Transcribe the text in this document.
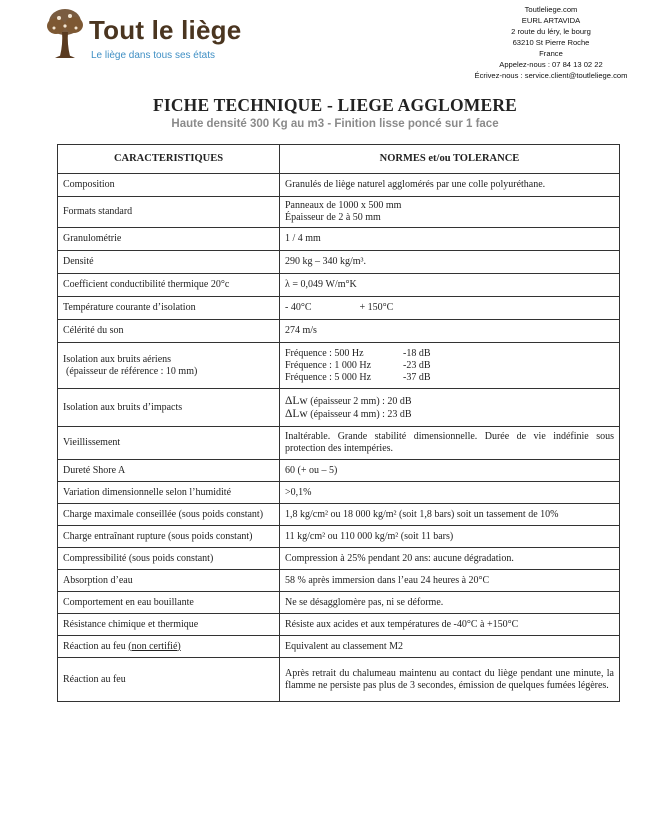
Tout le liège
Le liège dans tous ses états
Toutleliege.com
EURL ARTAVIDA
2 route du léry, le bourg
63210 St Pierre Roche
France
Appelez-nous : 07 84 13 02 22
Écrivez-nous : service.client@toutleliege.com
FICHE TECHNIQUE - LIEGE AGGLOMERE
Haute densité 300 Kg au m3 - Finition lisse poncé sur 1 face
CARACTERISTIQUES	NORMES et/ou TOLERANCE
Composition	Granulés de liège naturel agglomérés par une colle polyuréthane.
Formats standard	Panneaux de 1000 x 500 mm
Épaisseur de 2 à 50 mm

Granulométrie	1 / 4 mm
Densité	290 kg – 340 kg/m³.
Coefficient conductibilité thermique 20°c	λ = 0,049 W/m°K
Température courante d’isolation	- 40°C + 150°C
Célérité du son	274 m/s

Isolation aux bruits aériens
(épaisseur de référence : 10 mm)	Fréquence : 500 Hz -18 dB
Fréquence : 1 000 Hz -23 dB
Fréquence : 5 000 Hz -37 dB

Isolation aux bruits d’impacts	ΔLw (épaisseur 2 mm) : 20 dB
ΔLw (épaisseur 4 mm) : 23 dB

Vieillissement	Inaltérable. Grande stabilité dimensionnelle. Durée de vie indéfinie sous protection des intempéries.
Dureté Shore A	60 (+ ou – 5)
Variation dimensionnelle selon l’humidité	>0,1%
Charge maximale conseillée (sous poids constant)	1,8 kg/cm² ou 18 000 kg/m² (soit 1,8 bars) soit un tassement de 10%
Charge entraînant rupture (sous poids constant)	11 kg/cm² ou 110 000 kg/m² (soit 11 bars)
Compressibilité (sous poids constant)	Compression à 25% pendant 20 ans: aucune dégradation.
Absorption d’eau	58 % après immersion dans l’eau 24 heures à 20°C
Comportement en eau bouillante	Ne se désagglomère pas, ni se déforme.
Résistance chimique et thermique	Résiste aux acides et aux températures de -40°C à +150°C
Réaction au feu (non certifié)	Equivalent au classement M2
Réaction au feu	Après retrait du chalumeau maintenu au contact du liège pendant une minute, la flamme ne persiste pas plus de 3 secondes, émission de quelques fumées légères.
